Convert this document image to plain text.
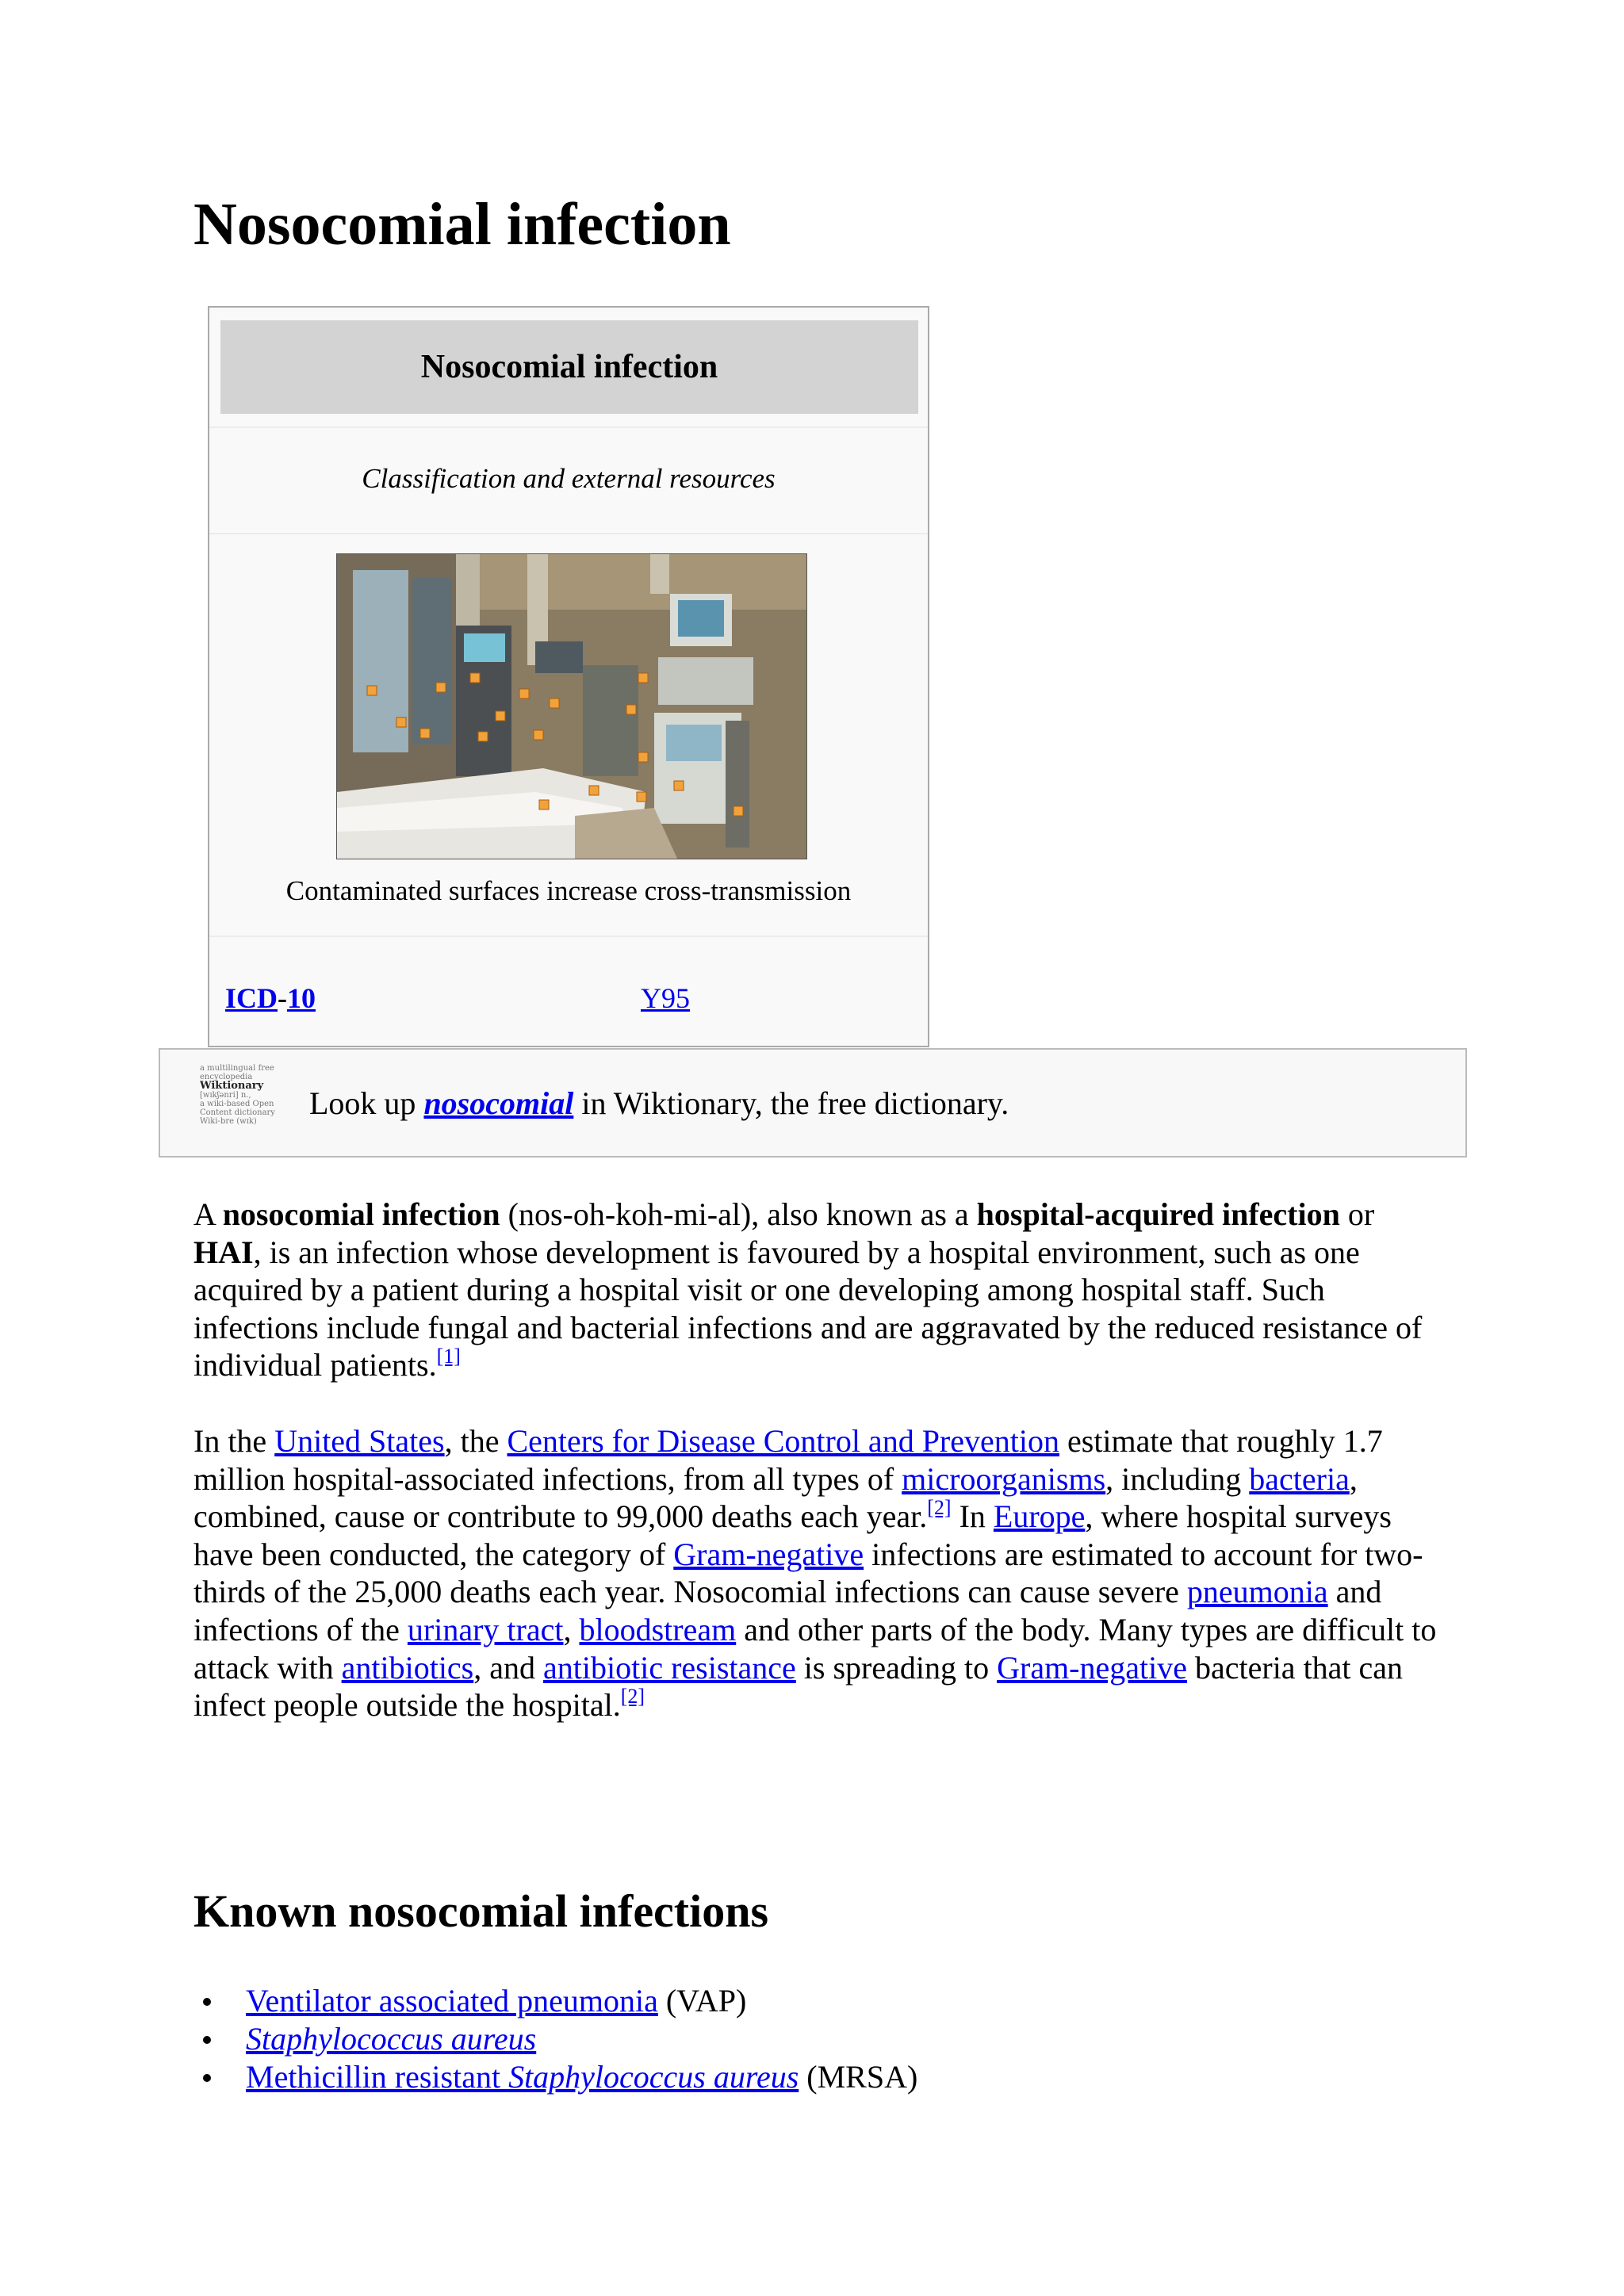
Nosocomial infection
Nosocomial infection
Classification and external resources
Contaminated surfaces increase cross-transmission
ICD-10	Y95
a multilingual free
encyclopedia
Wiktionary
[wɪkʃənri] n.,
a wiki-based Open
Content dictionary
Wiki-bre (wɪk)
Look up nosocomial in Wiktionary, the free dictionary.

A nosocomial infection (nos-oh-koh-mi-al), also known as a hospital-acquired infection or HAI, is an infection whose development is favoured by a hospital environment, such as one acquired by a patient during a hospital visit or one developing among hospital staff. Such infections include fungal and bacterial infections and are aggravated by the reduced resistance of individual patients.[1]

In the United States, the Centers for Disease Control and Prevention estimate that roughly 1.7 million hospital-associated infections, from all types of microorganisms, including bacteria, combined, cause or contribute to 99,000 deaths each year.[2] In Europe, where hospital surveys have been conducted, the category of Gram-negative infections are estimated to account for two-thirds of the 25,000 deaths each year. Nosocomial infections can cause severe pneumonia and infections of the urinary tract, bloodstream and other parts of the body. Many types are difficult to attack with antibiotics, and antibiotic resistance is spreading to Gram-negative bacteria that can infect people outside the hospital.[2]

Known nosocomial infections
Ventilator associated pneumonia (VAP)
Staphylococcus aureus
Methicillin resistant Staphylococcus aureus (MRSA)
